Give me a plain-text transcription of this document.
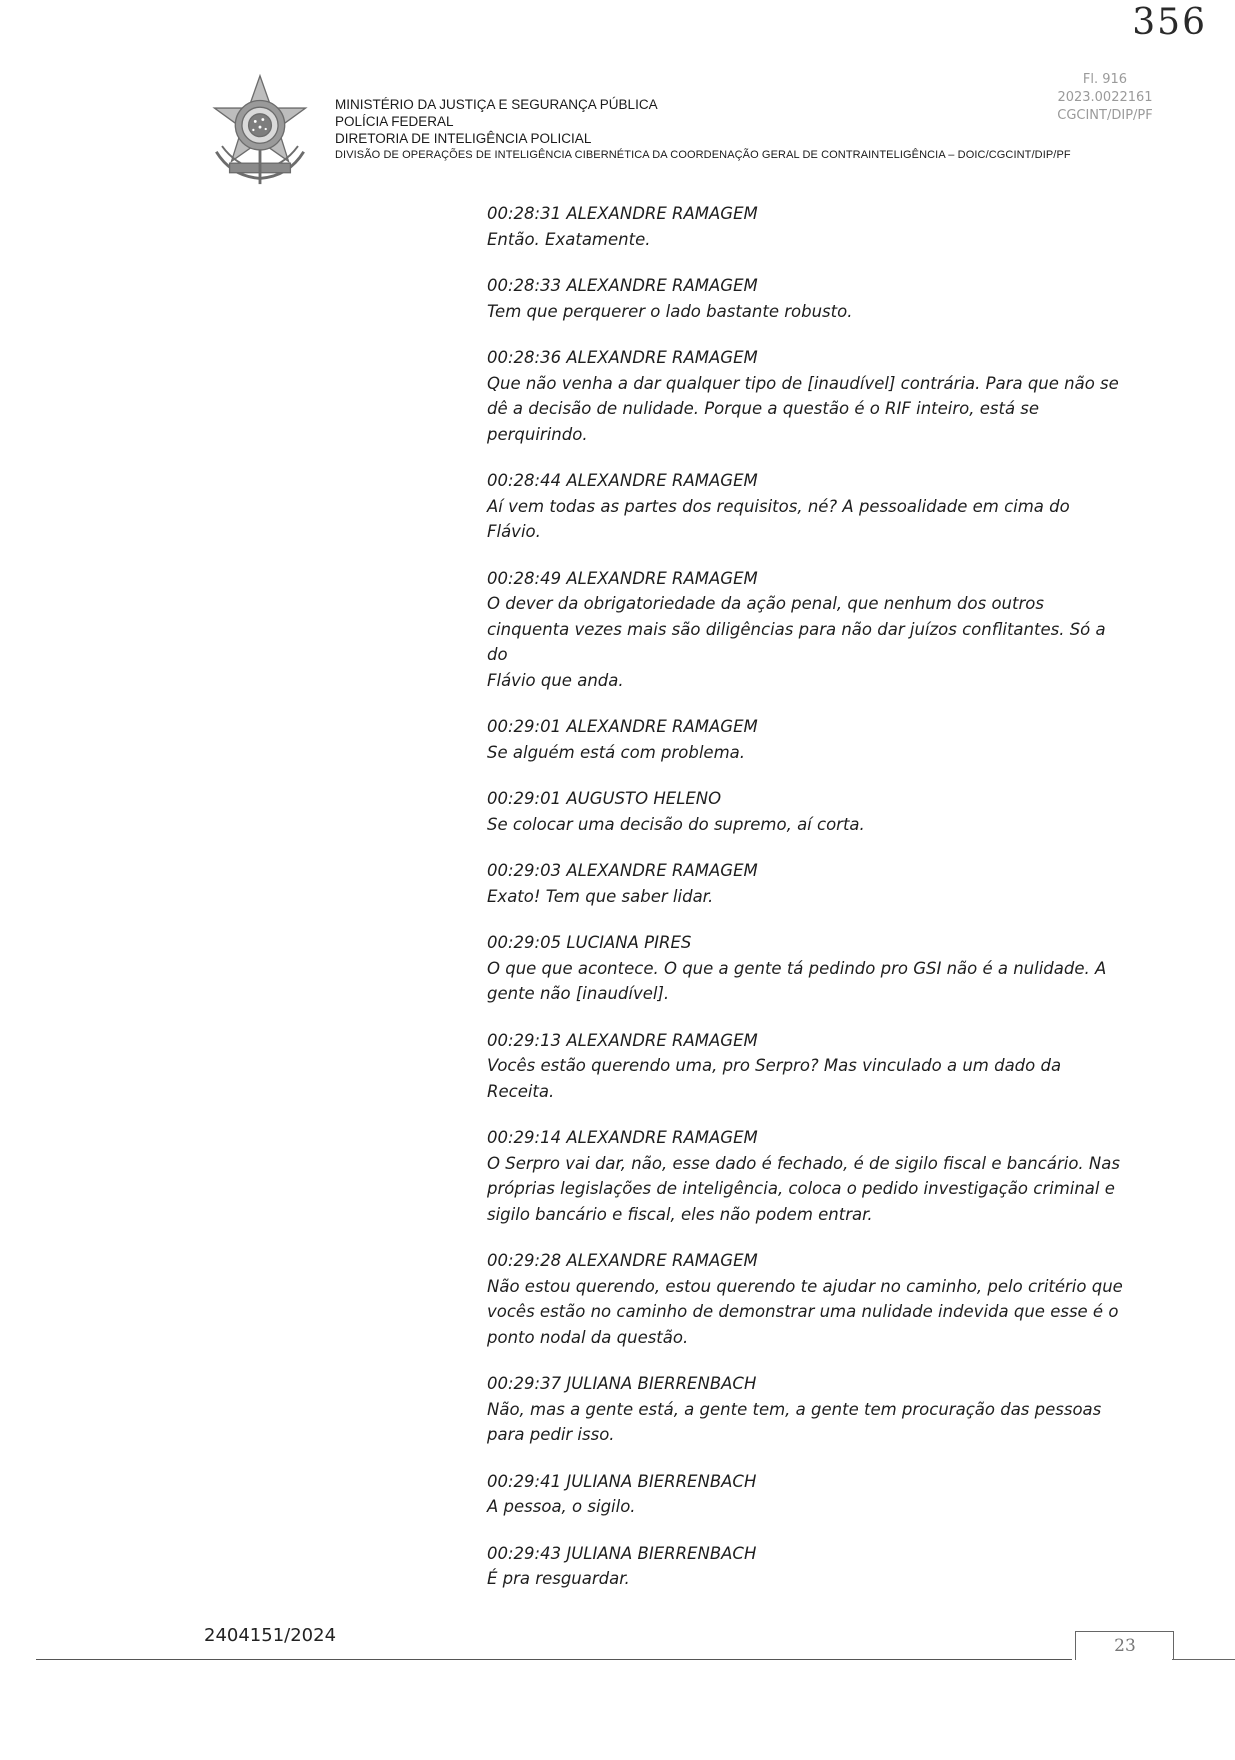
356
MINISTÉRIO DA JUSTIÇA E SEGURANÇA PÚBLICA
POLÍCIA FEDERAL
DIRETORIA DE INTELIGÊNCIA POLICIAL
DIVISÃO DE OPERAÇÕES DE INTELIGÊNCIA CIBERNÉTICA DA COORDENAÇÃO GERAL DE CONTRAINTELIGÊNCIA – DOIC/CGCINT/DIP/PF
Fl. 916
2023.0022161
CGCINT/DIP/PF
00:28:31 ALEXANDRE RAMAGEM
Então. Exatamente.
00:28:33 ALEXANDRE RAMAGEM
Tem que perquerer o lado bastante robusto.
00:28:36 ALEXANDRE RAMAGEM
Que não venha a dar qualquer tipo de [inaudível] contrária. Para que não se
dê a decisão de nulidade. Porque a questão é o RIF inteiro, está se
perquirindo.
00:28:44 ALEXANDRE RAMAGEM
Aí vem todas as partes dos requisitos, né? A pessoalidade em cima do Flávio.
00:28:49 ALEXANDRE RAMAGEM
O dever da obrigatoriedade da ação penal, que nenhum dos outros
cinquenta vezes mais são diligências para não dar juízos conflitantes. Só a do
Flávio que anda.
00:29:01 ALEXANDRE RAMAGEM
Se alguém está com problema.
00:29:01 AUGUSTO HELENO
Se colocar uma decisão do supremo, aí corta.
00:29:03 ALEXANDRE RAMAGEM
Exato! Tem que saber lidar.
00:29:05 LUCIANA PIRES
O que que acontece. O que a gente tá pedindo pro GSI não é a nulidade. A
gente não [inaudível].
00:29:13 ALEXANDRE RAMAGEM
Vocês estão querendo uma, pro Serpro? Mas vinculado a um dado da
Receita.
00:29:14 ALEXANDRE RAMAGEM
O Serpro vai dar, não, esse dado é fechado, é de sigilo fiscal e bancário. Nas
próprias legislações de inteligência, coloca o pedido investigação criminal e
sigilo bancário e fiscal, eles não podem entrar.
00:29:28 ALEXANDRE RAMAGEM
Não estou querendo, estou querendo te ajudar no caminho, pelo critério que
vocês estão no caminho de demonstrar uma nulidade indevida que esse é o
ponto nodal da questão.
00:29:37 JULIANA BIERRENBACH
Não, mas a gente está, a gente tem, a gente tem procuração das pessoas
para pedir isso.
00:29:41 JULIANA BIERRENBACH
A pessoa, o sigilo.
00:29:43 JULIANA BIERRENBACH
É pra resguardar.
2404151/2024	23
